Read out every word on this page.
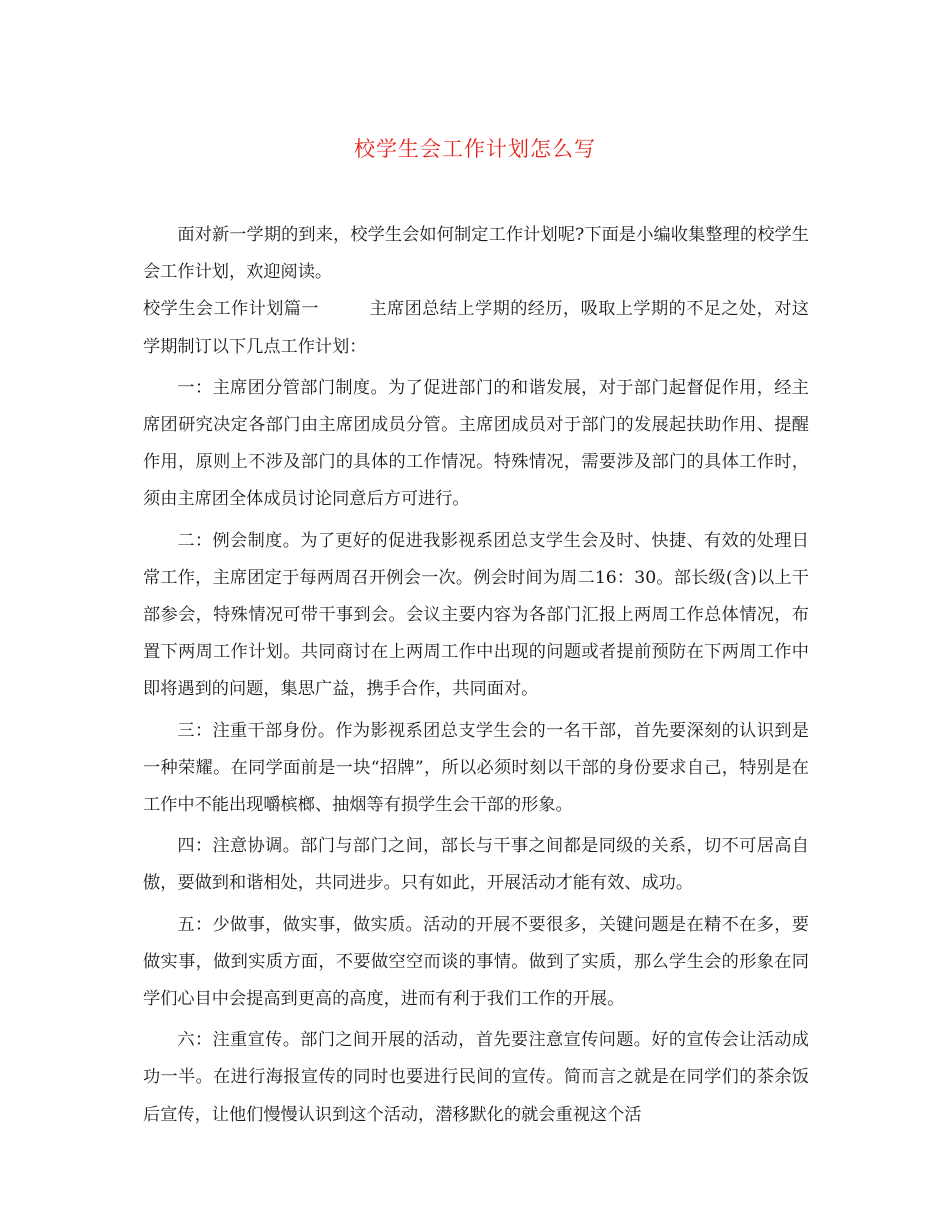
校学生会工作计划怎么写

面对新一学期的到来，校学生会如何制定工作计划呢?下面是小编收集整理的校学生会工作计划，欢迎阅读。

校学生会工作计划篇一	主席团总结上学期的经历，吸取上学期的不足之处，对这学期制订以下几点工作计划：

一：主席团分管部门制度。为了促进部门的和谐发展，对于部门起督促作用，经主席团研究决定各部门由主席团成员分管。主席团成员对于部门的发展起扶助作用、提醒作用，原则上不涉及部门的具体的工作情况。特殊情况，需要涉及部门的具体工作时，须由主席团全体成员讨论同意后方可进行。

二：例会制度。为了更好的促进我影视系团总支学生会及时、快捷、有效的处理日常工作，主席团定于每两周召开例会一次。例会时间为周二16：30。部长级(含)以上干部参会，特殊情况可带干事到会。会议主要内容为各部门汇报上两周工作总体情况，布置下两周工作计划。共同商讨在上两周工作中出现的问题或者提前预防在下两周工作中即将遇到的问题，集思广益，携手合作，共同面对。

三：注重干部身份。作为影视系团总支学生会的一名干部，首先要深刻的认识到是一种荣耀。在同学面前是一块“招牌”，所以必须时刻以干部的身份要求自己，特别是在工作中不能出现嚼槟榔、抽烟等有损学生会干部的形象。

四：注意协调。部门与部门之间，部长与干事之间都是同级的关系，切不可居高自傲，要做到和谐相处，共同进步。只有如此，开展活动才能有效、成功。

五：少做事，做实事，做实质。活动的开展不要很多，关键问题是在精不在多，要做实事，做到实质方面，不要做空空而谈的事情。做到了实质，那么学生会的形象在同学们心目中会提高到更高的高度，进而有利于我们工作的开展。

六：注重宣传。部门之间开展的活动，首先要注意宣传问题。好的宣传会让活动成功一半。在进行海报宣传的同时也要进行民间的宣传。简而言之就是在同学们的茶余饭后宣传，让他们慢慢认识到这个活动，潜移默化的就会重视这个活
